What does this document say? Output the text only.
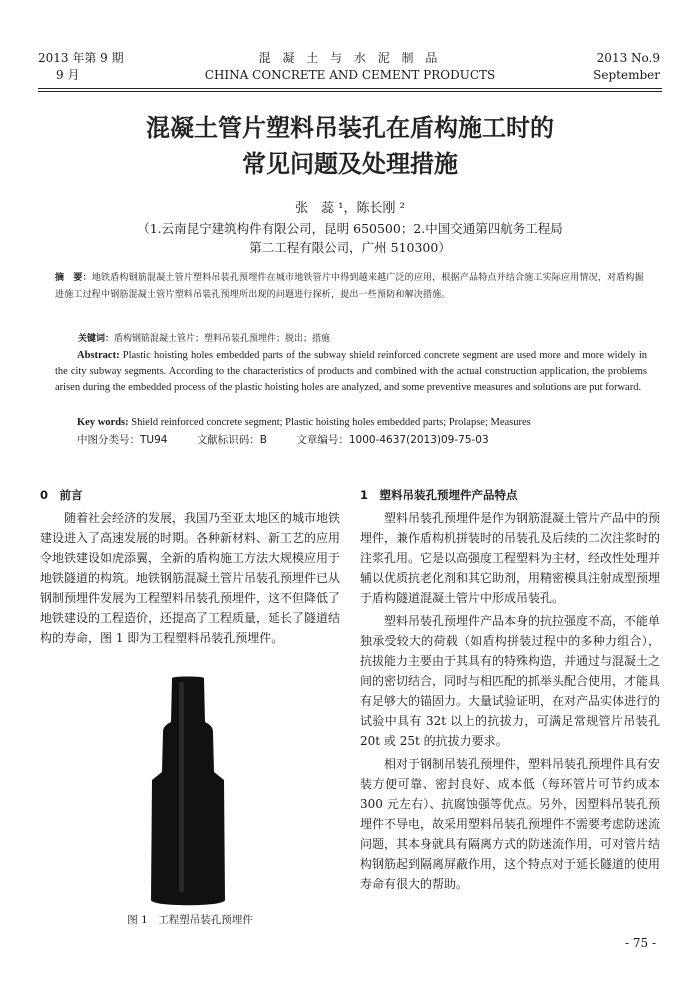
2013 年第 9 期
9 月
混 凝 土 与 水 泥 制 品
CHINA CONCRETE AND CEMENT PRODUCTS
2013 No.9
September
混凝土管片塑料吊装孔在盾构施工时的
常见问题及处理措施
张　蕊 ¹，陈长刚 ²
（1.云南昆宁建筑构件有限公司，昆明 650500；2.中国交通第四航务工程局
第二工程有限公司，广州 510300）
摘　要：地铁盾构钢筋混凝土管片塑料吊装孔预埋件在城市地铁管片中得到越来越广泛的应用，根据产品特点并结合施工实际应用情况，对盾构掘进施工过程中钢筋混凝土管片塑料吊装孔预埋所出现的问题进行探析，提出一些预防和解决措施。
关键词：盾构钢筋混凝土管片；塑料吊装孔预埋件；脱出；措施
Abstract: Plastic hoisting holes embedded parts of the subway shield reinforced concrete segment are used more and more widely in the city subway segments. According to the characteristics of products and combined with the actual construction application, the problems arisen during the embedded process of the plastic hoisting holes are analyzed, and some preventive measures and solutions are put forward.
Key words: Shield reinforced concrete segment; Plastic hoisting holes embedded parts; Prolapse; Measures
中图分类号：TU94	文献标识码：B	文章编号：1000-4637(2013)09-75-03
0　前言

随着社会经济的发展，我国乃至亚太地区的城市地铁建设进入了高速发展的时期。各种新材料、新工艺的应用令地铁建设如虎添翼，全新的盾构施工方法大规模应用于地铁隧道的构筑。地铁钢筋混凝土管片吊装孔预埋件已从钢制预埋件发展为工程塑料吊装孔预埋件，这不但降低了地铁建设的工程造价，还提高了工程质量，延长了隧道结构的寿命，图 1 即为工程塑料吊装孔预埋件。

图 1　工程塑吊装孔预埋件
1　塑料吊装孔预埋件产品特点

塑料吊装孔预埋件是作为钢筋混凝土管片产品中的预埋件，兼作盾构机拼装时的吊装孔及后续的二次注浆时的注浆孔用。它是以高强度工程塑料为主材，经改性处理并辅以优质抗老化剂和其它助剂，用精密模具注射成型预埋于盾构隧道混凝土管片中形成吊装孔。

塑料吊装孔预埋件产品本身的抗拉强度不高，不能单独承受较大的荷载（如盾构拼装过程中的多种力组合），抗拔能力主要由于其具有的特殊构造，并通过与混凝土之间的密切结合，同时与相匹配的抓举头配合使用，才能具有足够大的锚固力。大量试验证明，在对产品实体进行的试验中具有 32t 以上的抗拔力，可满足常规管片吊装孔 20t 或 25t 的抗拔力要求。

相对于钢制吊装孔预埋件，塑料吊装孔预埋件具有安装方便可靠、密封良好、成本低（每环管片可节约成本 300 元左右）、抗腐蚀强等优点。另外，因塑料吊装孔预埋件不导电，故采用塑料吊装孔预埋件不需要考虑防迷流问题，其本身就具有隔离方式的防迷流作用，可对管片结构钢筋起到隔离屏蔽作用，这个特点对于延长隧道的使用寿命有很大的帮助。

- 75 -
